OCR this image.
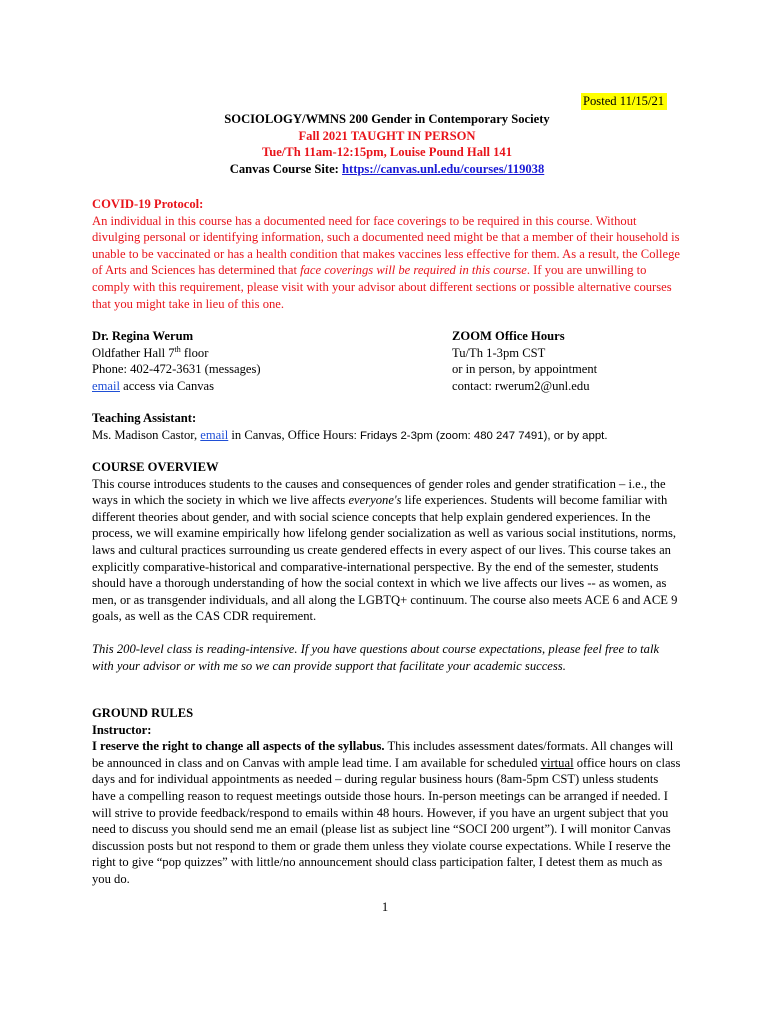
Posted 11/15/21
SOCIOLOGY/WMNS 200 Gender in Contemporary Society
Fall 2021 TAUGHT IN PERSON
Tue/Th 11am-12:15pm, Louise Pound Hall 141
Canvas Course Site: https://canvas.unl.edu/courses/119038
COVID-19 Protocol:
An individual in this course has a documented need for face coverings to be required in this course. Without divulging personal or identifying information, such a documented need might be that a member of their household is unable to be vaccinated or has a health condition that makes vaccines less effective for them. As a result, the College of Arts and Sciences has determined that face coverings will be required in this course. If you are unwilling to comply with this requirement, please visit with your advisor about different sections or possible alternative courses that you might take in lieu of this one.
Dr. Regina Werum
Oldfather Hall 7th floor
Phone: 402-472-3631 (messages)
email access via Canvas
ZOOM Office Hours
Tu/Th 1-3pm CST
or in person, by appointment
contact: rwerum2@unl.edu
Teaching Assistant:
Ms. Madison Castor, email in Canvas, Office Hours: Fridays 2-3pm (zoom: 480 247 7491), or by appt.
COURSE OVERVIEW
This course introduces students to the causes and consequences of gender roles and gender stratification – i.e., the ways in which the society in which we live affects everyone's life experiences. Students will become familiar with different theories about gender, and with social science concepts that help explain gendered experiences. In the process, we will examine empirically how lifelong gender socialization as well as various social institutions, norms, laws and cultural practices surrounding us create gendered effects in every aspect of our lives. This course takes an explicitly comparative-historical and comparative-international perspective. By the end of the semester, students should have a thorough understanding of how the social context in which we live affects our lives -- as women, as men, or as transgender individuals, and all along the LGBTQ+ continuum. The course also meets ACE 6 and ACE 9 goals, as well as the CAS CDR requirement.
This 200-level class is reading-intensive. If you have questions about course expectations, please feel free to talk with your advisor or with me so we can provide support that facilitate your academic success.
GROUND RULES
Instructor:
I reserve the right to change all aspects of the syllabus. This includes assessment dates/formats. All changes will be announced in class and on Canvas with ample lead time. I am available for scheduled virtual office hours on class days and for individual appointments as needed – during regular business hours (8am-5pm CST) unless students have a compelling reason to request meetings outside those hours. In-person meetings can be arranged if needed. I will strive to provide feedback/respond to emails within 48 hours. However, if you have an urgent subject that you need to discuss you should send me an email (please list as subject line “SOCI 200 urgent”). I will monitor Canvas discussion posts but not respond to them or grade them unless they violate course expectations. While I reserve the right to give “pop quizzes” with little/no announcement should class participation falter, I detest them as much as you do.
1
